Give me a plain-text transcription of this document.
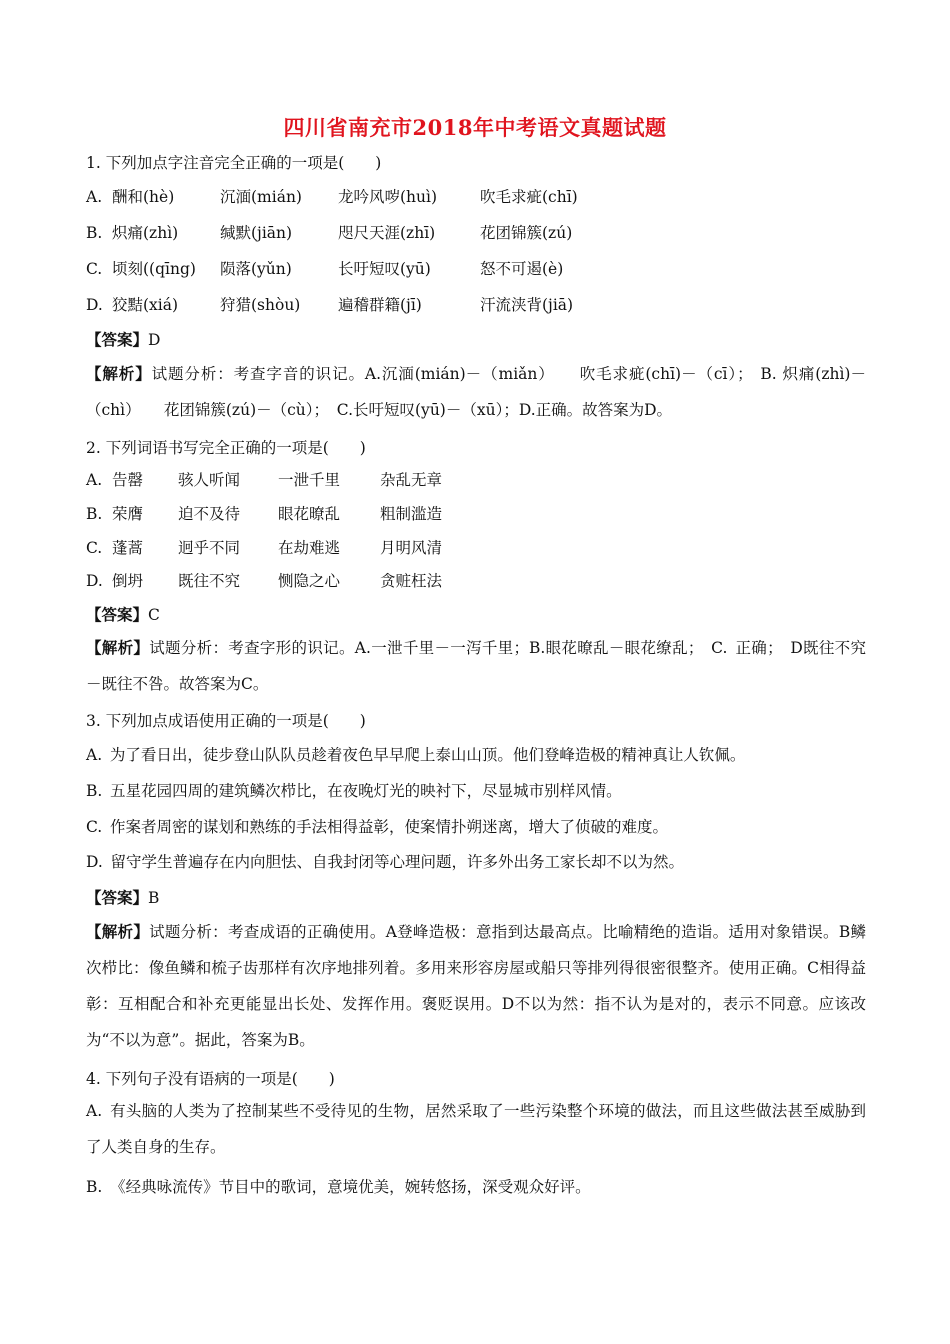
四川省南充市2018年中考语文真题试题
1. 下列加点字注音完全正确的一项是(　　)
A. 酬和(hè)	沉湎(mián) 龙吟风哕(huì)	吹毛求疵(chī)
B. 炽痛(zhì)	缄默(jiān)	咫尺天涯(zhī)	花团锦簇(zú)
C. 顷刻((qīng) 陨落(yǔn)	长吁短叹(yū)	怒不可遏(è)
D. 狡黠(xiá)	狩猎(shòu) 遍稽群籍(jī)	汗流浃背(jiā)
【答案】D
【解析】试题分析：考查字音的识记。A.沉湎(mián)－（miǎn）　　吹毛求疵(chī)－（cī）； B. 炽痛(zhì)－（chì）　　花团锦簇(zú)－（cù）； C.长吁短叹(yū)－（xū）；D.正确。故答案为D。
2. 下列词语书写完全正确的一项是(　　)
A. 告罄 骇人听闻 一泄千里	杂乱无章
B. 荣膺 迫不及待 眼花暸乱	粗制滥造
C. 蓬蒿 迥乎不同 在劫难逃	月明风清
D. 倒坍 既往不究 恻隐之心	贪赃枉法
【答案】C
【解析】试题分析：考查字形的识记。A.一泄千里－一泻千里；B.眼花暸乱－眼花缭乱； C. 正确； D既往不究－既往不咎。故答案为C。
3. 下列加点成语使用正确的一项是(　　)
A. 为了看日出，徒步登山队队员趁着夜色早早爬上泰山山顶。他们登峰造极的精神真让人钦佩。
B. 五星花园四周的建筑鳞次栉比，在夜晚灯光的映衬下，尽显城市别样风情。
C. 作案者周密的谋划和熟练的手法相得益彰，使案情扑朔迷离，增大了侦破的难度。
D. 留守学生普遍存在内向胆怯、自我封闭等心理问题，许多外出务工家长却不以为然。
【答案】B
【解析】试题分析：考查成语的正确使用。A登峰造极：意指到达最高点。比喻精绝的造诣。适用对象错误。B鳞次栉比：像鱼鳞和梳子齿那样有次序地排列着。多用来形容房屋或船只等排列得很密很整齐。使用正确。C相得益彰：互相配合和补充更能显出长处、发挥作用。褒贬误用。D不以为然：指不认为是对的，表示不同意。应该改为“不以为意”。据此，答案为B。
4. 下列句子没有语病的一项是(　　)
A. 有头脑的人类为了控制某些不受待见的生物，居然采取了一些污染整个环境的做法，而且这些做法甚至威胁到了人类自身的生存。
B. 《经典咏流传》节目中的歌词，意境优美，婉转悠扬，深受观众好评。
